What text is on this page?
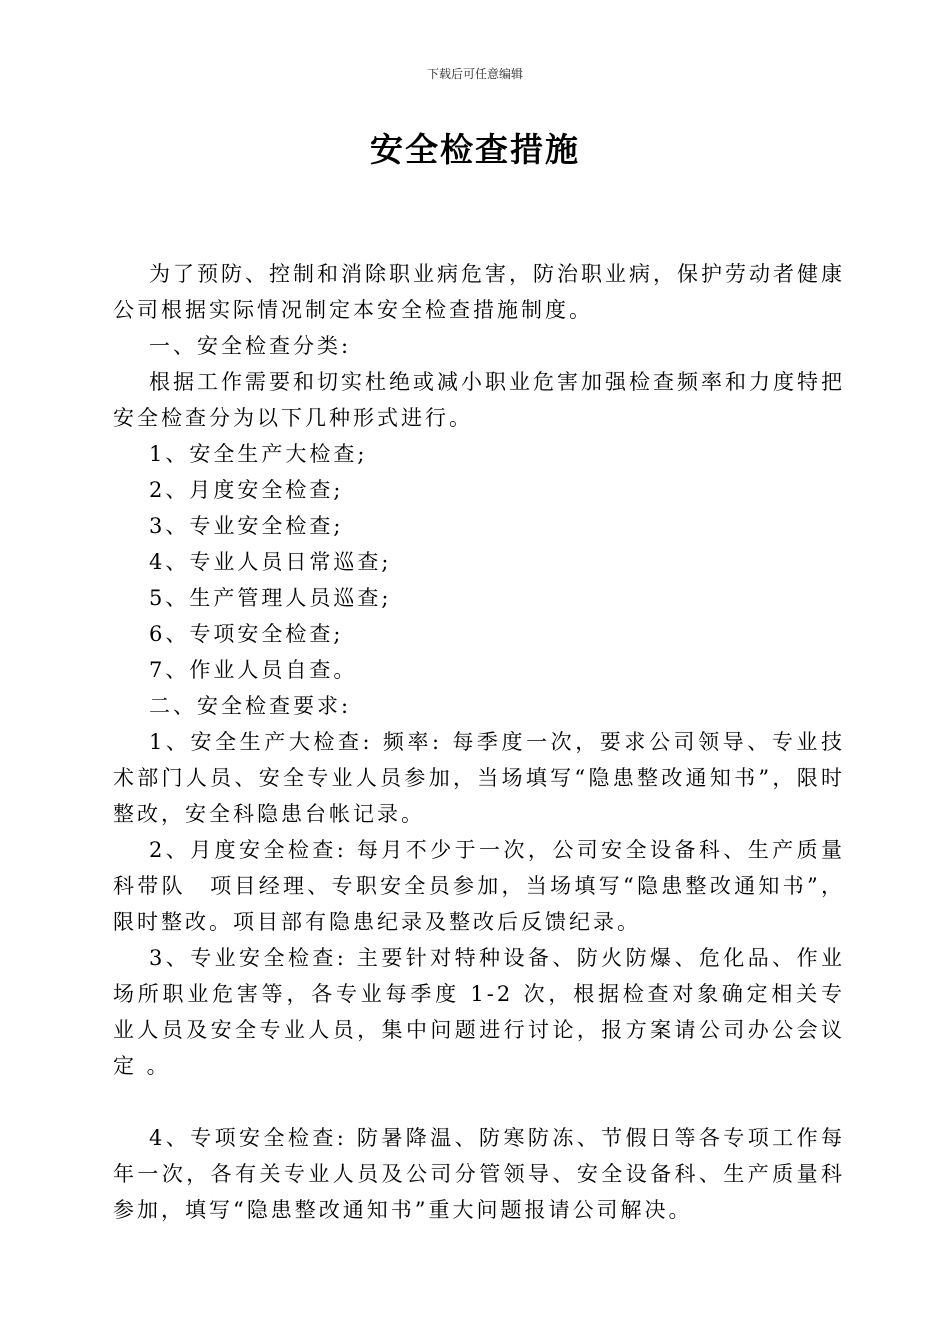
下载后可任意编辑
安全检查措施

为了预防、控制和消除职业病危害，防治职业病，保护劳动者健康公司根据实际情况制定本安全检查措施制度。

一、安全检查分类:

根据工作需要和切实杜绝或减小职业危害加强检查频率和力度特把安全检查分为以下几种形式进行。

1、安全生产大检查;

2、月度安全检查;

3、专业安全检查;

4、专业人员日常巡查;

5、生产管理人员巡查;

6、专项安全检查;

7、作业人员自查。

二、安全检查要求:

1、安全生产大检查: 频率: 每季度一次，要求公司领导、专业技术部门人员、安全专业人员参加，当场填写“隐患整改通知书”，限时整改，安全科隐患台帐记录。

2、月度安全检查: 每月不少于一次，公司安全设备科、生产质量科带队　项目经理、专职安全员参加，当场填写“隐患整改通知书”，限时整改。项目部有隐患纪录及整改后反馈纪录。

3、专业安全检查: 主要针对特种设备、防火防爆、危化品、作业场所职业危害等，各专业每季度 1-2 次，根据检查对象确定相关专业人员及安全专业人员，集中问题进行讨论，报方案请公司办公会议定 。

4、专项安全检查: 防暑降温、防寒防冻、节假日等各专项工作每年一次，各有关专业人员及公司分管领导、安全设备科、生产质量科参加，填写“隐患整改通知书”重大问题报请公司解决。
